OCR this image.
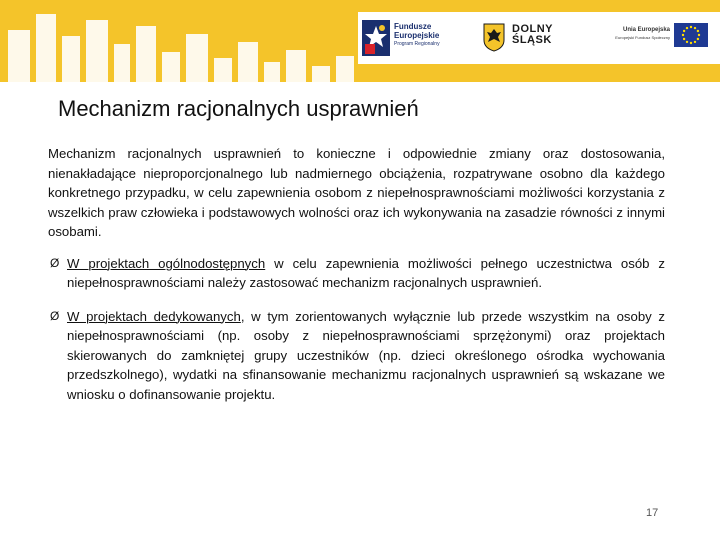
Fundusze
Europejskie
Program Regionalny
DOLNY
ŚLĄSK
Unia Europejska
Europejski Fundusz Społeczny
Mechanizm racjonalnych usprawnień

Mechanizm racjonalnych usprawnień to konieczne i odpowiednie zmiany oraz dostosowania, nienakładające nieproporcjonalnego lub nadmiernego obciążenia, rozpatrywane osobno dla każdego konkretnego przypadku, w celu zapewnienia osobom z niepełnosprawnościami możliwości korzystania z wszelkich praw człowieka i podstawowych wolności oraz ich wykonywania na zasadzie równości z innymi osobami.

Ø W projektach ogólnodostępnych w celu zapewnienia możliwości pełnego uczestnictwa osób z niepełnosprawnościami należy zastosować mechanizm racjonalnych usprawnień.

Ø W projektach dedykowanych, w tym zorientowanych wyłącznie lub przede wszystkim na osoby z niepełnosprawnościami (np. osoby z niepełnosprawnościami sprzężonymi) oraz projektach skierowanych do zamkniętej grupy uczestników (np. dzieci określonego ośrodka wychowania przedszkolnego), wydatki na sfinansowanie mechanizmu racjonalnych usprawnień są wskazane we wniosku o dofinansowanie projektu.

17
